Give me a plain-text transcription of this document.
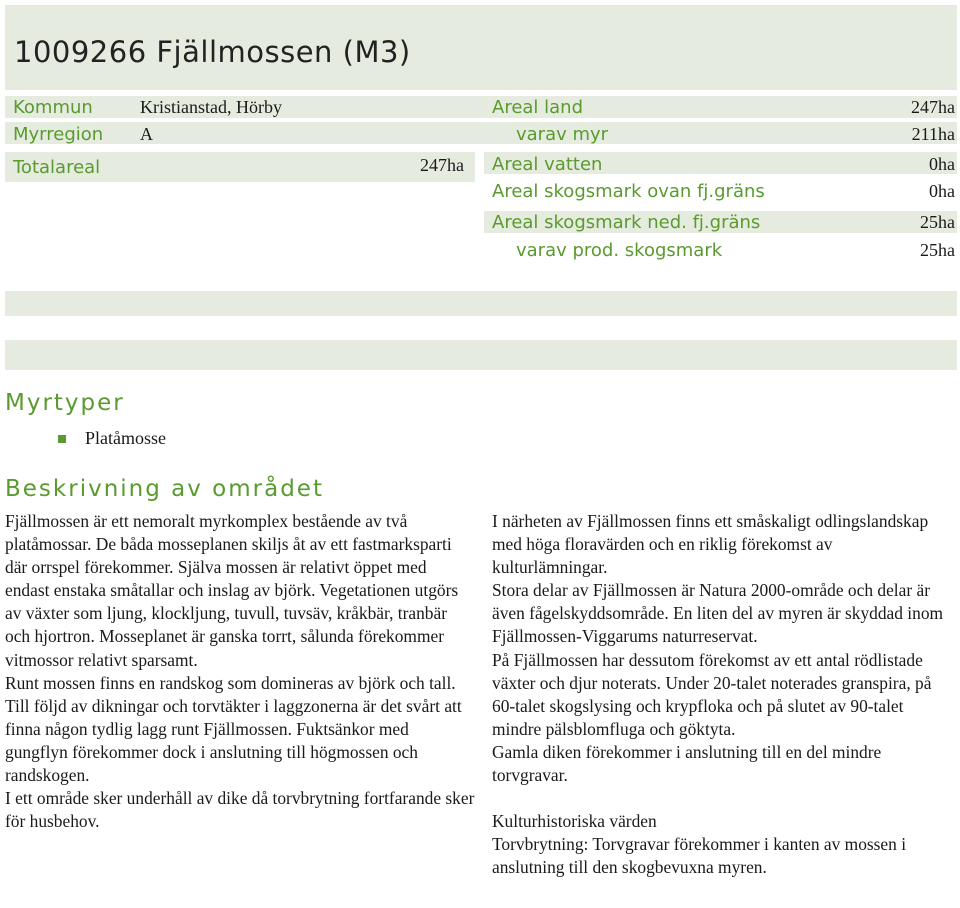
1009266 Fjällmossen (M3)
Kommun	Kristianstad, Hörby
Myrregion A
Totalareal	247ha
Areal land	247ha
varav myr	211ha
Areal vatten	0ha
Areal skogsmark ovan fj.gräns	0ha
Areal skogsmark ned. fj.gräns	25ha
varav prod. skogsmark	25ha
Myrtyper
Platåmosse
Beskrivning av området

Fjällmossen är ett nemoralt myrkomplex bestående av två platåmossar. De båda mosseplanen skiljs åt av ett fastmarksparti där orrspel förekommer. Själva mossen är relativt öppet med endast enstaka småtallar och inslag av björk. Vegetationen utgörs av växter som ljung, klockljung, tuvull, tuvsäv, kråkbär, tranbär och hjortron. Mosseplanet är ganska torrt, sålunda förekommer vitmossor relativt sparsamt.

Runt mossen finns en randskog som domineras av björk och tall. Till följd av dikningar och torvtäkter i laggzonerna är det svårt att finna någon tydlig lagg runt Fjällmossen. Fuktsänkor med gungflyn förekommer dock i anslutning till högmossen och randskogen.

I ett område sker underhåll av dike då torvbrytning fortfarande sker för husbehov.

I närheten av Fjällmossen finns ett småskaligt odlingslandskap med höga floravärden och en riklig förekomst av kulturlämningar.

Stora delar av Fjällmossen är Natura 2000-område och delar är även fågelskyddsområde. En liten del av myren är skyddad inom Fjällmossen-Viggarums naturreservat.

På Fjällmossen har dessutom förekomst av ett antal rödlistade växter och djur noterats. Under 20-talet noterades granspira, på 60-talet skogslysing och krypfloka och på slutet av 90-talet mindre pälsblomfluga och göktyta.

Gamla diken förekommer i anslutning till en del mindre torvgravar.

Kulturhistoriska värden

Torvbrytning: Torvgravar förekommer i kanten av mossen i anslutning till den skogbevuxna myren.
